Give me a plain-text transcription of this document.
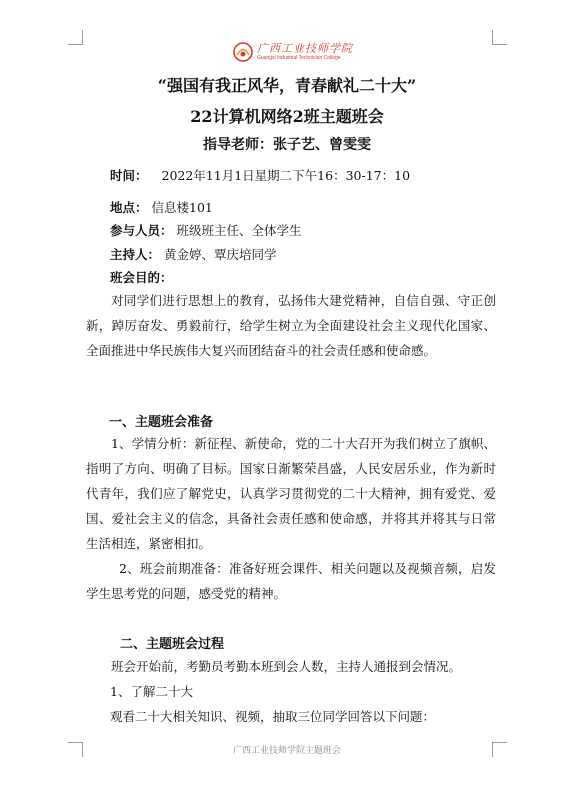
广西工业技师学院
Guangxi Industrial Technician College
“强国有我正风华，青春献礼二十大”
22计算机网络2班主题班会
指导老师：张子艺、曾雯雯
时间： 2022年11月1日星期二下午16：30-17：10
地点： 信息楼101
参与人员： 班级班主任、全体学生
主持人： 黄金婷、覃庆培同学
班会目的：
对同学们进行思想上的教育，弘扬伟大建党精神，自信自强、守正创新，踔厉奋发、勇毅前行，给学生树立为全面建设社会主义现代化国家、全面推进中华民族伟大复兴而团结奋斗的社会责任感和使命感。
一、主题班会准备
1、学情分析：新征程、新使命，党的二十大召开为我们树立了旗帜、指明了方向、明确了目标。国家日渐繁荣昌盛，人民安居乐业，作为新时代青年，我们应了解党史，认真学习贯彻党的二十大精神，拥有爱党、爱国、爱社会主义的信念，具备社会责任感和使命感，并将其并将其与日常生活相连，紧密相扣。
2、班会前期准备：准备好班会课件、相关问题以及视频音频，启发学生思考党的问题，感受党的精神。
二、主题班会过程
班会开始前，考勤员考勤本班到会人数，主持人通报到会情况。
1、了解二十大
观看二十大相关知识、视频，抽取三位同学回答以下问题：
广西工业技师学院主题班会
